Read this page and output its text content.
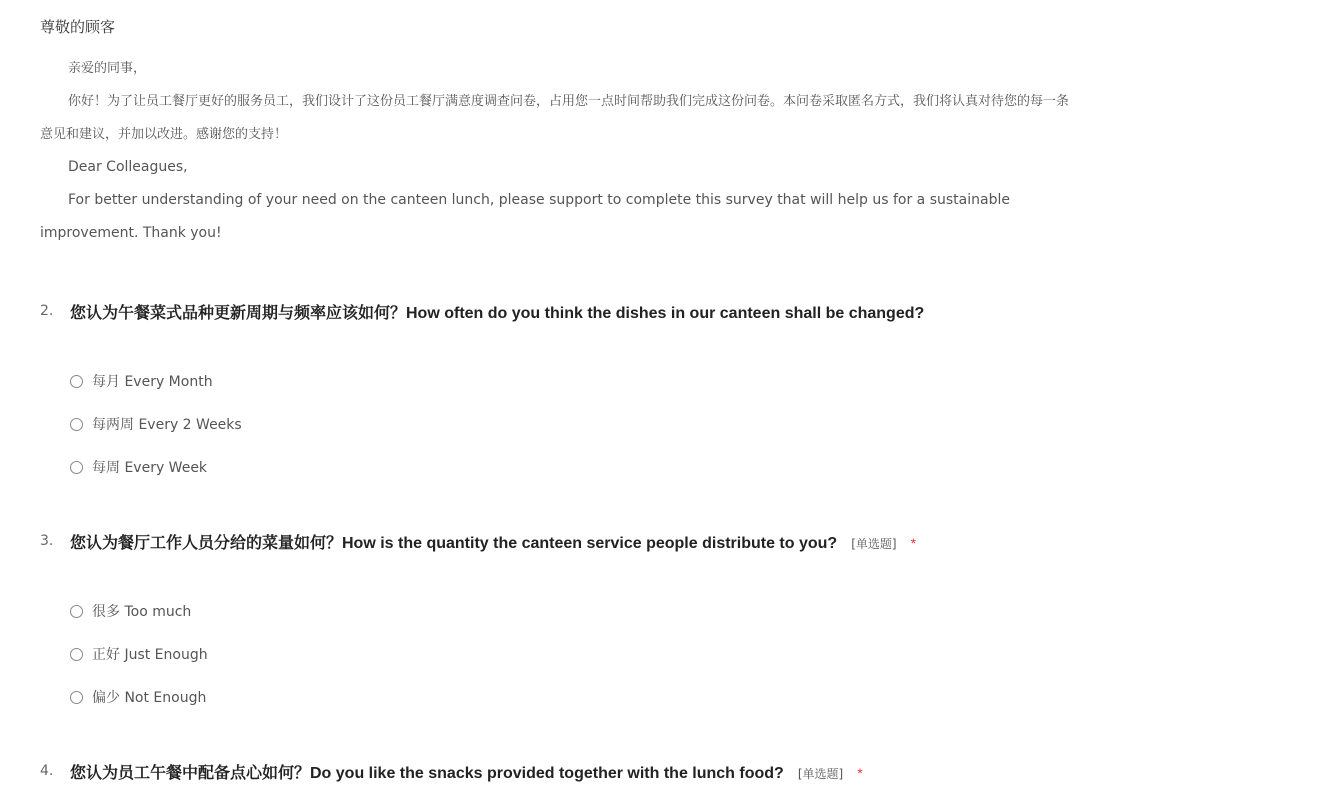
尊敬的顾客

亲爱的同事，

你好！为了让员工餐厅更好的服务员工，我们设计了这份员工餐厅满意度调查问卷，占用您一点时间帮助我们完成这份问卷。本问卷采取匿名方式，我们将认真对待您的每一条意见和建议，并加以改进。感谢您的支持！

Dear Colleagues,

For better understanding of your need on the canteen lunch, please support to complete this survey that will help us for a sustainable improvement. Thank you!

2. 您认为午餐菜式品种更新周期与频率应该如何？How often do you think the dishes in our canteen shall be changed?
每月 Every Month
每两周 Every 2 Weeks
每周 Every Week
3. 您认为餐厅工作人员分给的菜量如何？How is the quantity the canteen service people distribute to you? [单选题] *
很多 Too much
正好 Just Enough
偏少 Not Enough
4. 您认为员工午餐中配备点心如何？Do you like the snacks provided together with the lunch food? [单选题] *
